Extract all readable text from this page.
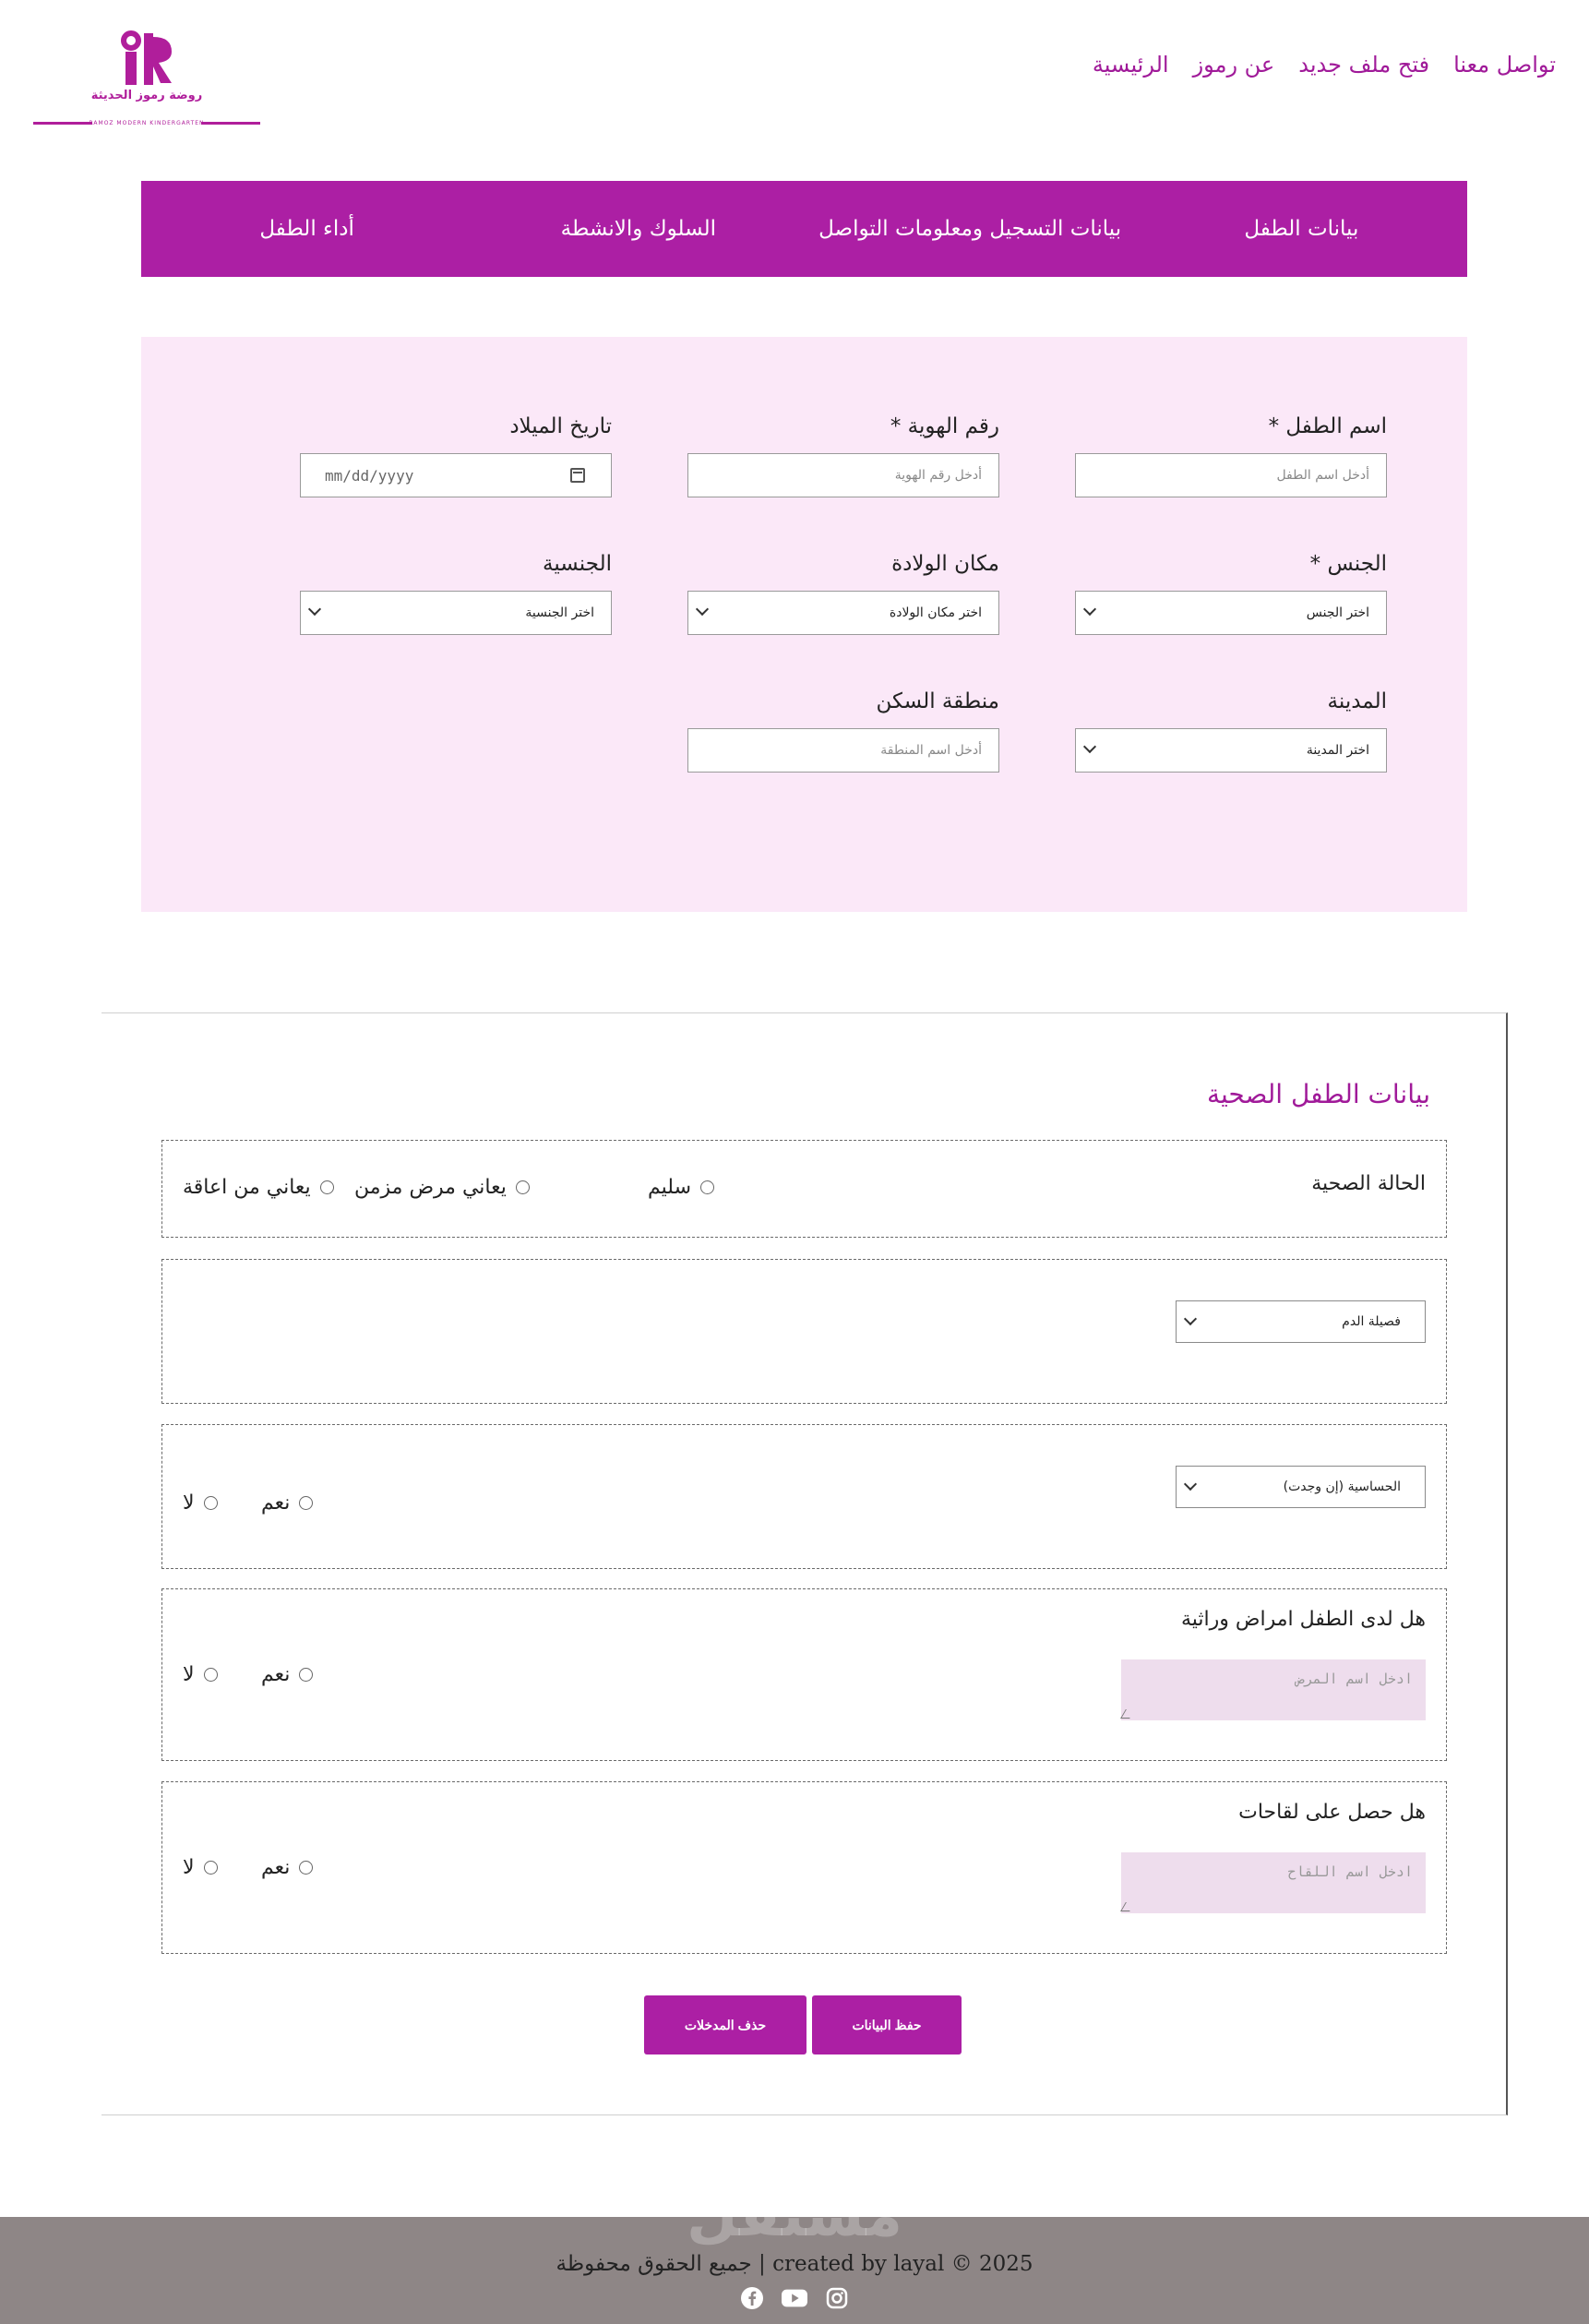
روضة رموز الحديثة
RAMOZ MODERN KINDERGARTEN
الرئيسية عن رموز فتح ملف جديد تواصل معنا
بيانات الطفل
بيانات التسجيل ومعلومات التواصل
السلوك والانشطة
أداء الطفل
اسم الطفل *
أدخل اسم الطفل
رقم الهوية *
أدخل رقم الهوية
تاريخ الميلاد
mm/dd/yyyy
الجنس *
اختر الجنس
مكان الولادة
اختر مكان الولادة
الجنسية
اختر الجنسية
المدينة
اختر المدينة
منطقة السكن
أدخل اسم المنطقة
بيانات الطفل الصحية
الحالة الصحية
سليم
يعاني مرض مزمن
يعاني من اعاقة
فصيلة الدم
الحساسية (إن وجدت)
نعم
لا
هل لدى الطفل امراض وراثية
ادخل اسم المرض
نعم
لا
هل حصل على لقاحات
ادخل اسم اللقاح
نعم
لا
حفظ البيانات
حذف المدخلات
جميع الحقوق محفوظة | created by layal © 2025
مستقل
